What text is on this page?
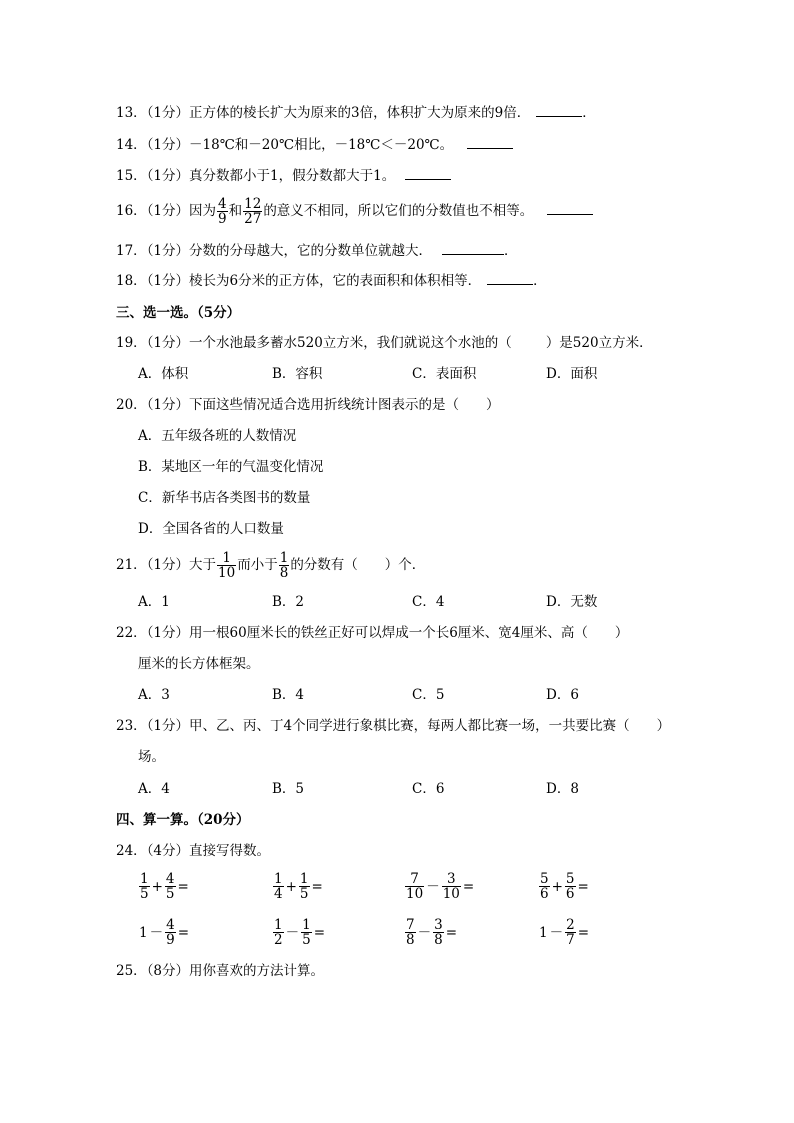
13．（1分）正方体的棱长扩大为原来的3倍，体积扩大为原来的9倍．	．
14．（1分）－18℃和－20℃相比，－18℃＜－20℃。
15．（1分）真分数都小于1，假分数都大于1。
16．（1分）因为 $\frac{4}{9}$ 和 $\frac{12}{27}$ 的意义不相同，所以它们的分数值也不相等。
17．（1分）分数的分母越大，它的分数单位就越大．	．
18．（1分）棱长为6分米的正方体，它的表面积和体积相等．	．
三、选一选。（5分）
19．（1分）一个水池最多蓄水520立方米，我们就说这个水池的（	）是520立方米．
A．体积	B．容积	C．表面积	D．面积
20．（1分）下面这些情况适合选用折线统计图表示的是（　　）
A．五年级各班的人数情况
B．某地区一年的气温变化情况
C．新华书店各类图书的数量
D．全国各省的人口数量
21．（1分）大于 $\frac{1}{10}$ 而小于 $\frac{1}{8}$ 的分数有（　　）个．
A．1	B．2	C．4	D．无数
22．（1分）用一根60厘米长的铁丝正好可以焊成一个长6厘米、宽4厘米、高（　　）
厘米的长方体框架。
A．3	B．4	C．5	D．6
23．（1分）甲、乙、丙、丁4个同学进行象棋比赛，每两人都比赛一场，一共要比赛（　　）
场。
A．4	B．5	C．6	D．8
四、算一算。（20分）
24．（4分）直接写得数。
$\frac{1}{5} + \frac{4}{5}$ =	$\frac{1}{4} + \frac{1}{5}$ =	$\frac{7}{10} - \frac{3}{10}$ =	$\frac{5}{6} + \frac{5}{6}$ =
$1 - \frac{4}{9}$ =	$\frac{1}{2} - \frac{1}{5}$ =	$\frac{7}{8} - \frac{3}{8}$ =	$1 - \frac{2}{7}$ =
25．（8分）用你喜欢的方法计算。
